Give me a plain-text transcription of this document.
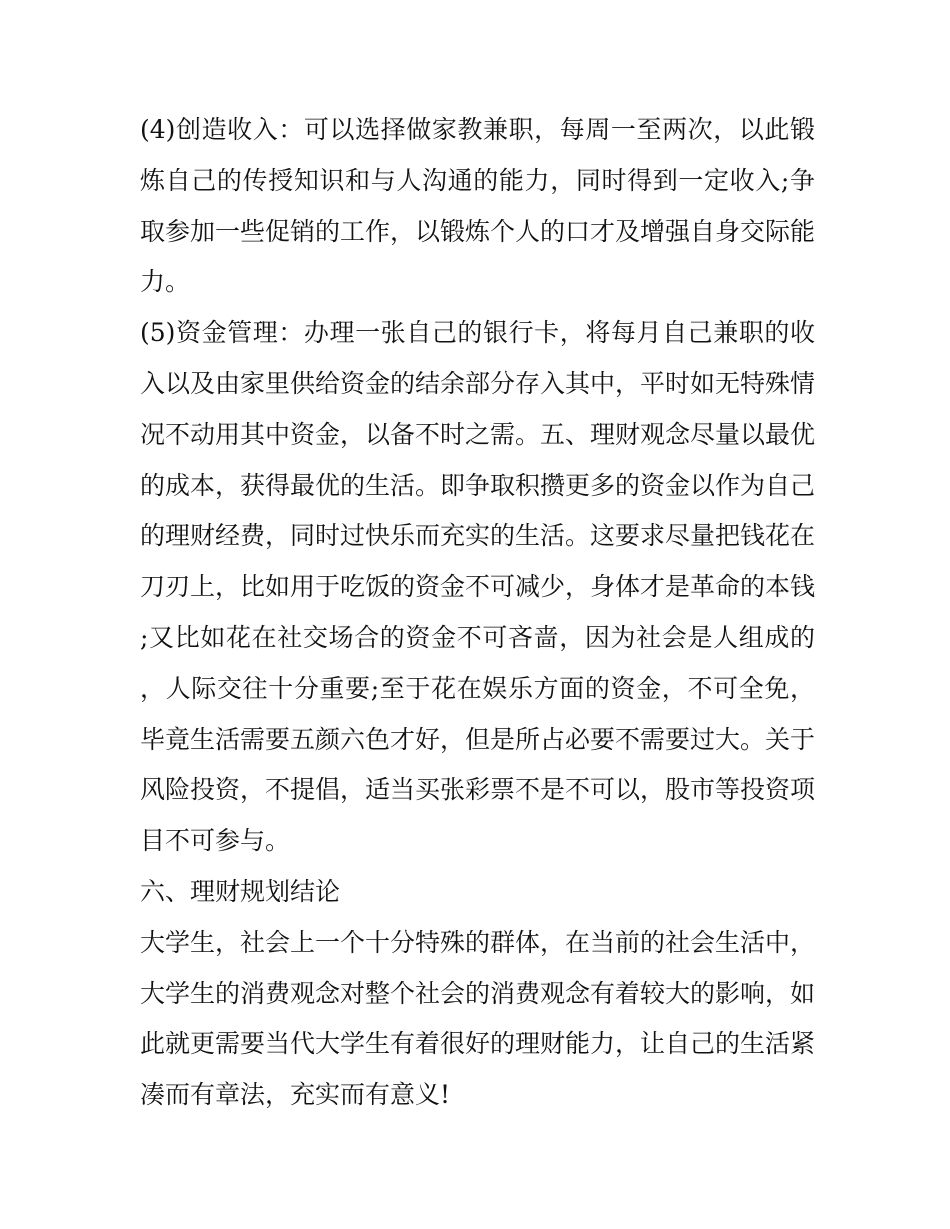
(4)创造收入：可以选择做家教兼职，每周一至两次，以此锻炼自己的传授知识和与人沟通的能力，同时得到一定收入;争取参加一些促销的工作，以锻炼个人的口才及增强自身交际能力。

(5)资金管理：办理一张自己的银行卡，将每月自己兼职的收入以及由家里供给资金的结余部分存入其中，平时如无特殊情况不动用其中资金，以备不时之需。五、理财观念尽量以最优的成本，获得最优的生活。即争取积攒更多的资金以作为自己的理财经费，同时过快乐而充实的生活。这要求尽量把钱花在刀刃上，比如用于吃饭的资金不可减少，身体才是革命的本钱;又比如花在社交场合的资金不可吝啬，因为社会是人组成的，人际交往十分重要;至于花在娱乐方面的资金，不可全免，毕竟生活需要五颜六色才好，但是所占必要不需要过大。关于风险投资，不提倡，适当买张彩票不是不可以，股市等投资项目不可参与。

六、理财规划结论

大学生，社会上一个十分特殊的群体，在当前的社会生活中，大学生的消费观念对整个社会的消费观念有着较大的影响，如此就更需要当代大学生有着很好的理财能力，让自己的生活紧凑而有章法，充实而有意义!
